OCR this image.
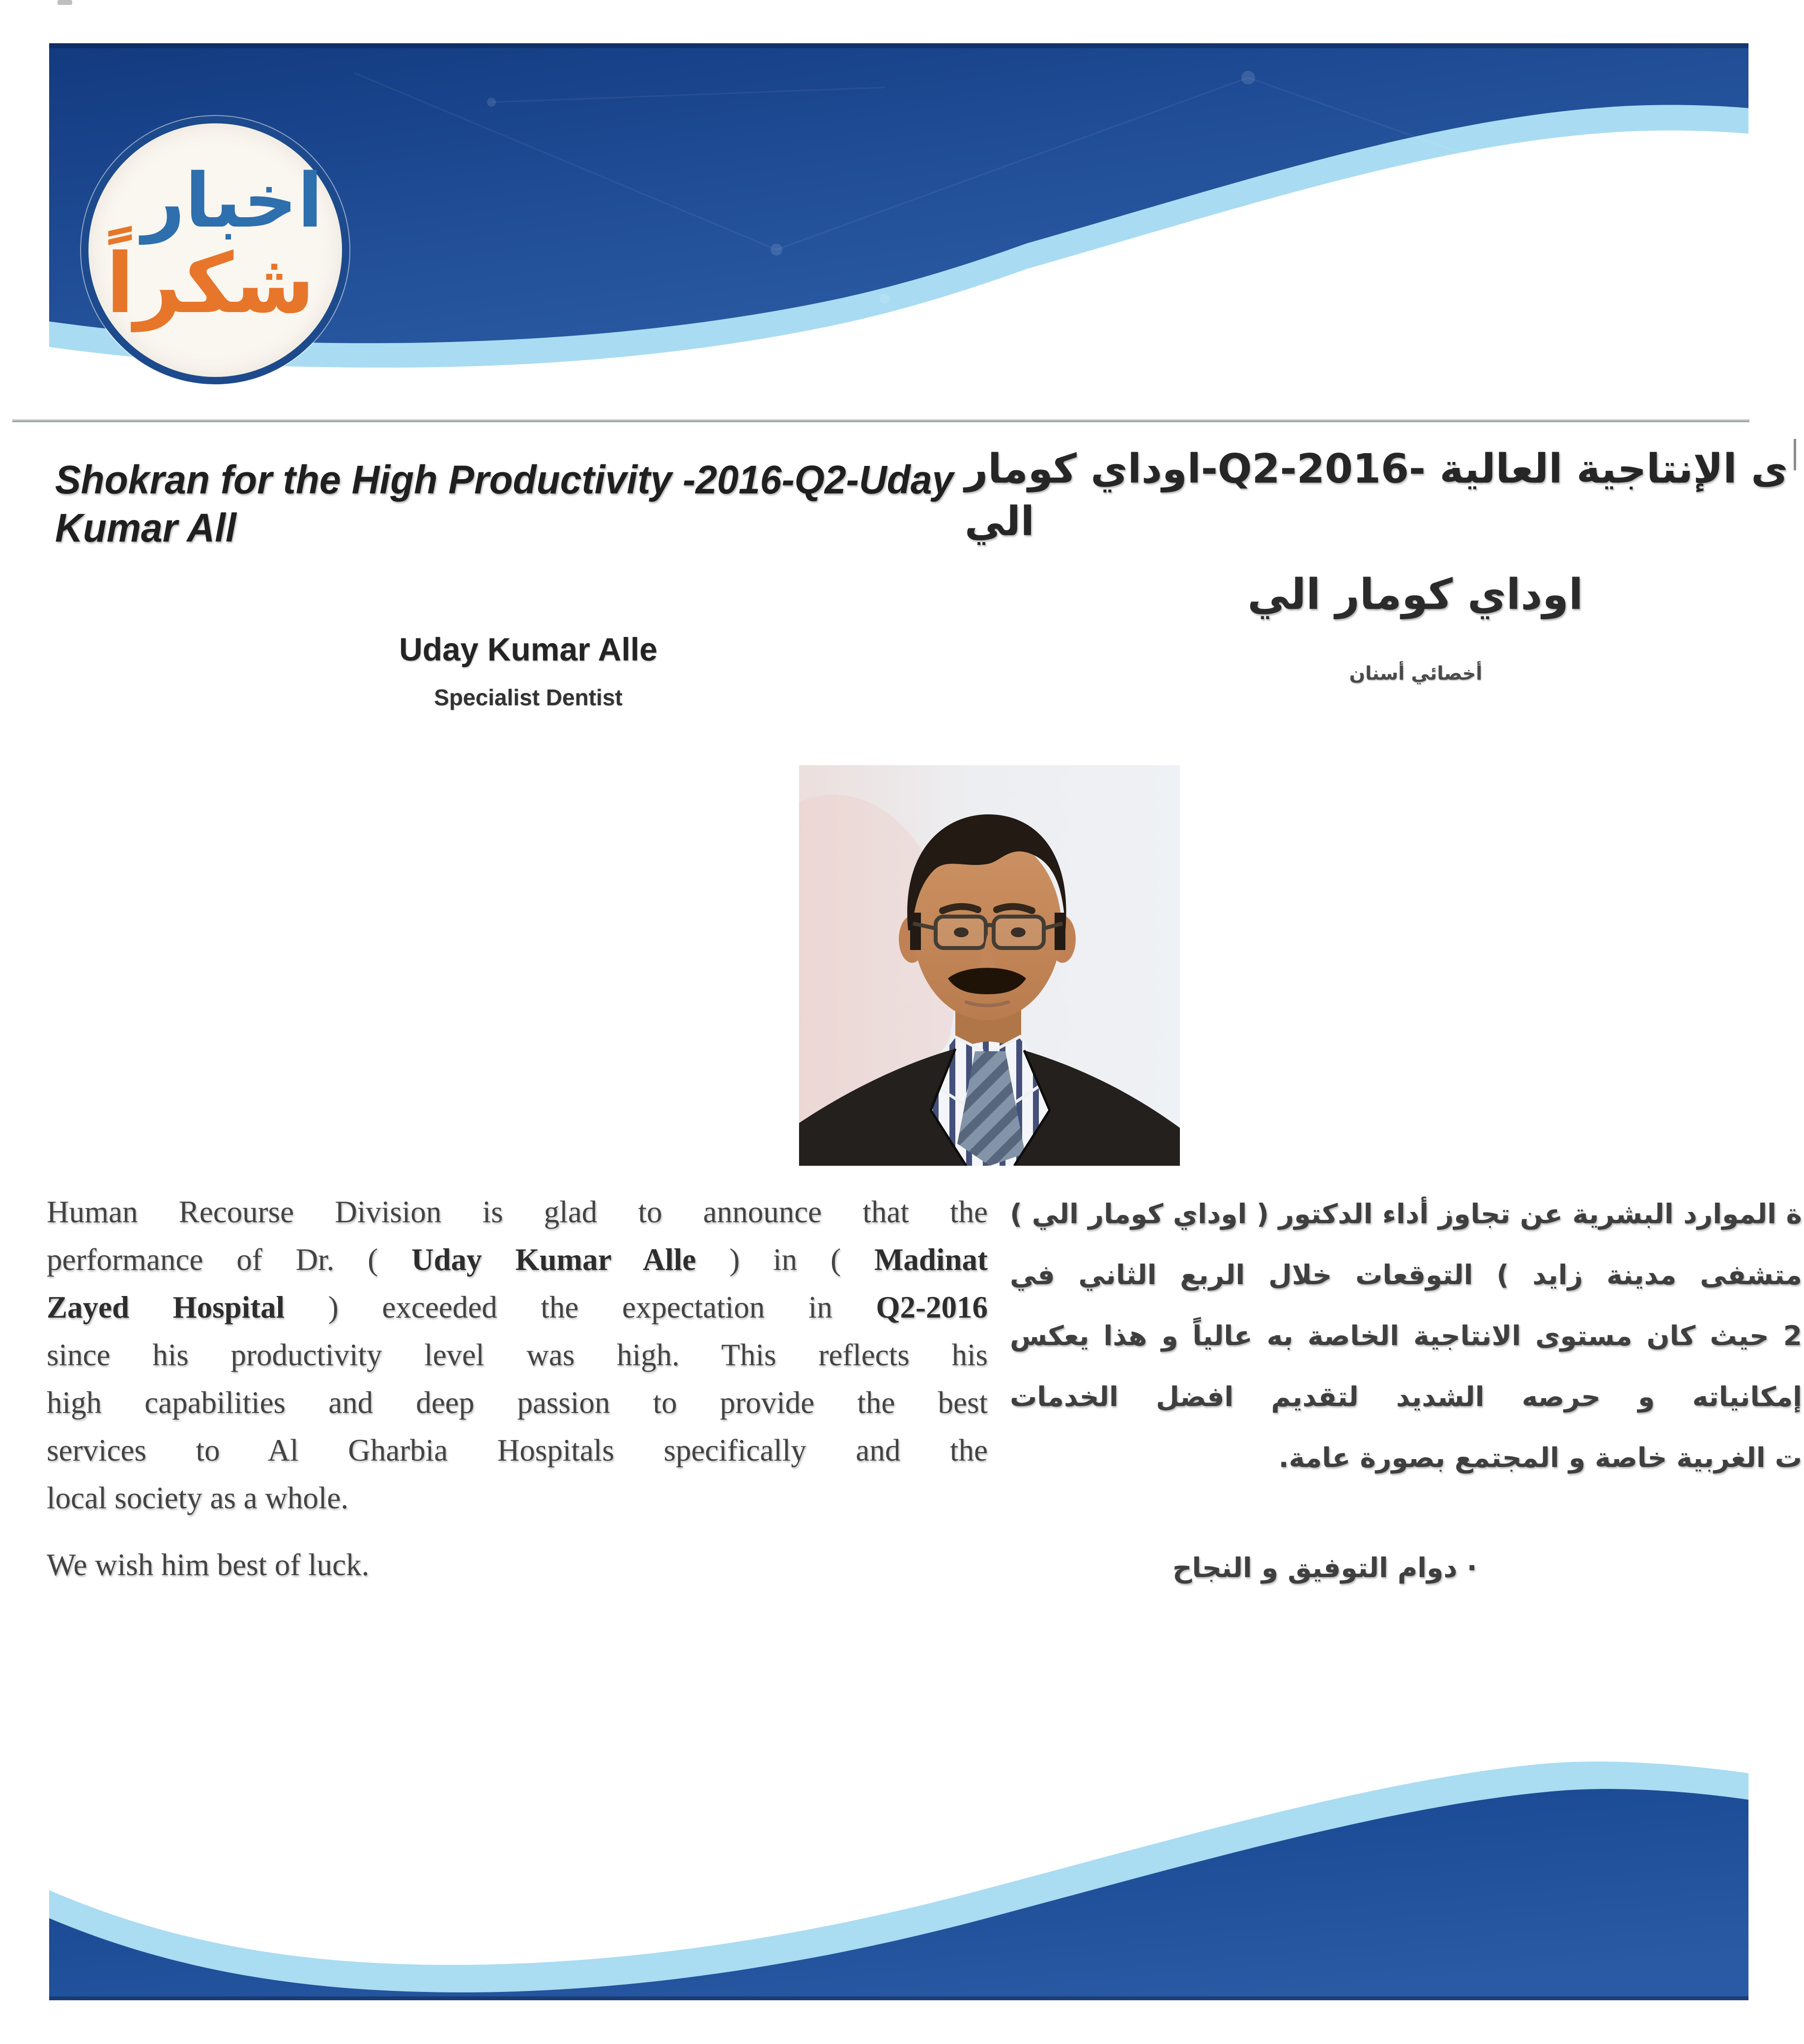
اخبار
شكراً
Shokran for the High Productivity -2016-Q2-Uday Kumar All
ى الإنتاجية العالية -Q2-2016-اوداي كومار الي
Uday Kumar Alle
Specialist Dentist
اوداي كومار الي
أخصائي أسنان
Human Recourse Division is glad to announce that the
performance of Dr. ( Uday Kumar Alle ) in ( Madinat
Zayed Hospital ) exceeded the expectation in Q2-2016
since his productivity level was high. This reflects his
high capabilities and deep passion to provide the best
services to Al Gharbia Hospitals specifically and the
local society as a whole.
We wish him best of luck.
ة الموارد البشرية عن تجاوز أداء الدكتور ( اوداي كومار الي )
متشفى مدينة زايد ) التوقعات خلال الربع الثاني في
2 حيث كان مستوى الانتاجية الخاصة به عالياً و هذا يعكس
إمكانياته و حرصه الشديد لتقديم افضل الخدمات
ت الغربية خاصة و المجتمع بصورة عامة.
· دوام التوفيق و النجاح
